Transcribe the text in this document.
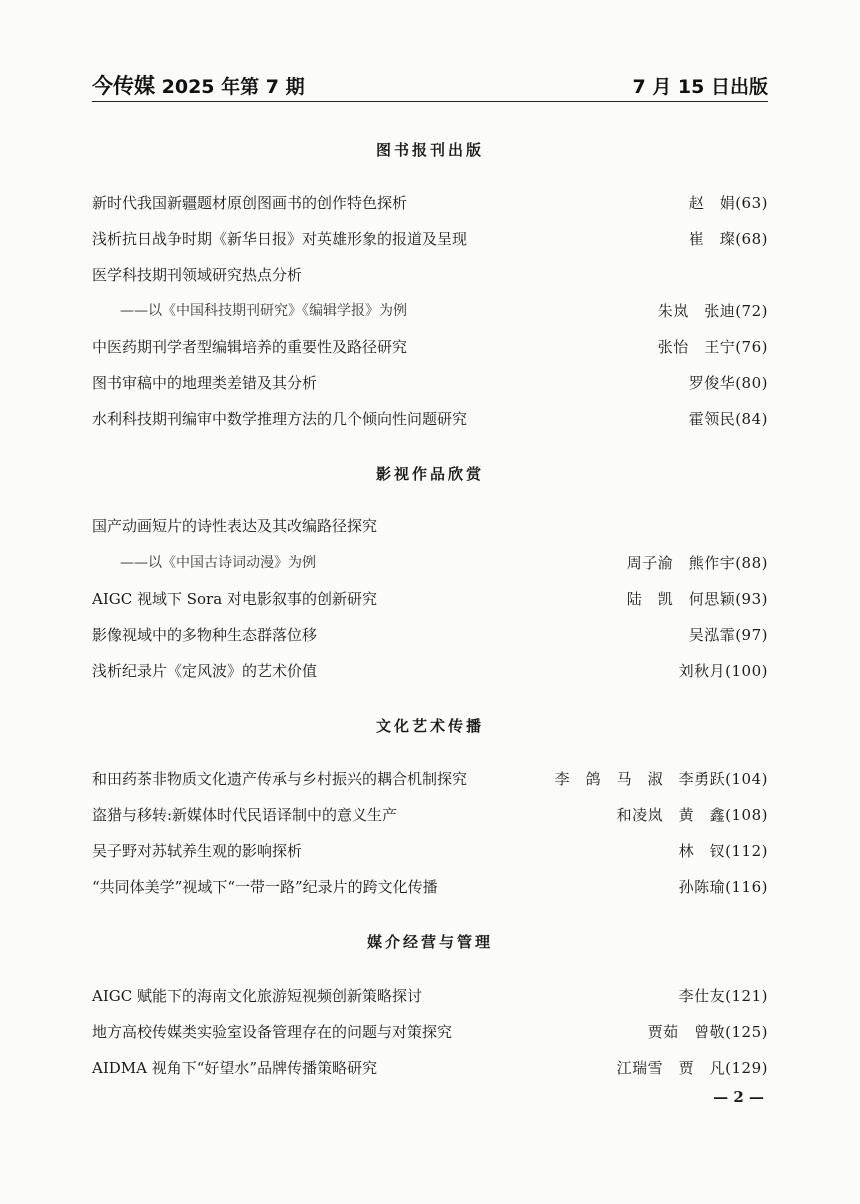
今传媒 2025 年第 7 期	7 月 15 日出版
图书报刊出版
新时代我国新疆题材原创图画书的创作特色探析	赵　娟(63)
浅析抗日战争时期《新华日报》对英雄形象的报道及呈现	崔　璨(68)
医学科技期刊领域研究热点分析
——以《中国科技期刊研究》《编辑学报》为例	朱岚　张迪(72)
中医药期刊学者型编辑培养的重要性及路径研究	张怡　王宁(76)
图书审稿中的地理类差错及其分析	罗俊华(80)
水利科技期刊编审中数学推理方法的几个倾向性问题研究	霍领民(84)
影视作品欣赏
国产动画短片的诗性表达及其改编路径探究
——以《中国古诗词动漫》为例	周子渝　熊作宇(88)
AIGC 视域下 Sora 对电影叙事的创新研究	陆　凯　何思颖(93)
影像视域中的多物种生态群落位移	吴泓霏(97)
浅析纪录片《定风波》的艺术价值	刘秋月(100)
文化艺术传播
和田药茶非物质文化遗产传承与乡村振兴的耦合机制探究	李　鸽　马　淑　李勇跃(104)
盗猎与移转:新媒体时代民语译制中的意义生产	和凌岚　黄　鑫(108)
吴子野对苏轼养生观的影响探析	林　钗(112)
“共同体美学”视域下“一带一路”纪录片的跨文化传播	孙陈瑜(116)
媒介经营与管理
AIGC 赋能下的海南文化旅游短视频创新策略探讨	李仕友(121)
地方高校传媒类实验室设备管理存在的问题与对策探究	贾茹　曾敬(125)
AIDMA 视角下“好望水”品牌传播策略研究	江瑞雪　贾　凡(129)
— 2 —
